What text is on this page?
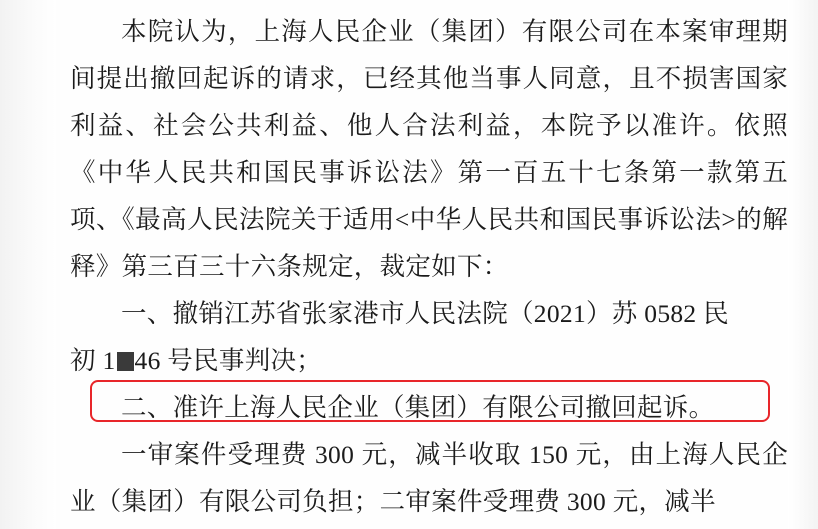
本院认为，上海人民企业（集团）有限公司在本案审理期间提出撤回起诉的请求，已经其他当事人同意，且不损害国家利益、社会公共利益、他人合法利益，本院予以准许。依照《中华人民共和国民事诉讼法》第一百五十七条第一款第五项、《最高人民法院关于适用<中华人民共和国民事诉讼法>的解释》第三百三十六条规定，裁定如下：

一、撤销江苏省张家港市人民法院（2021）苏 0582 民

初 1 46 号民事判决；

二、准许上海人民企业（集团）有限公司撤回起诉。

一审案件受理费 300 元，减半收取 150 元，由上海人民企业（集团）有限公司负担；二审案件受理费 300 元，减半
